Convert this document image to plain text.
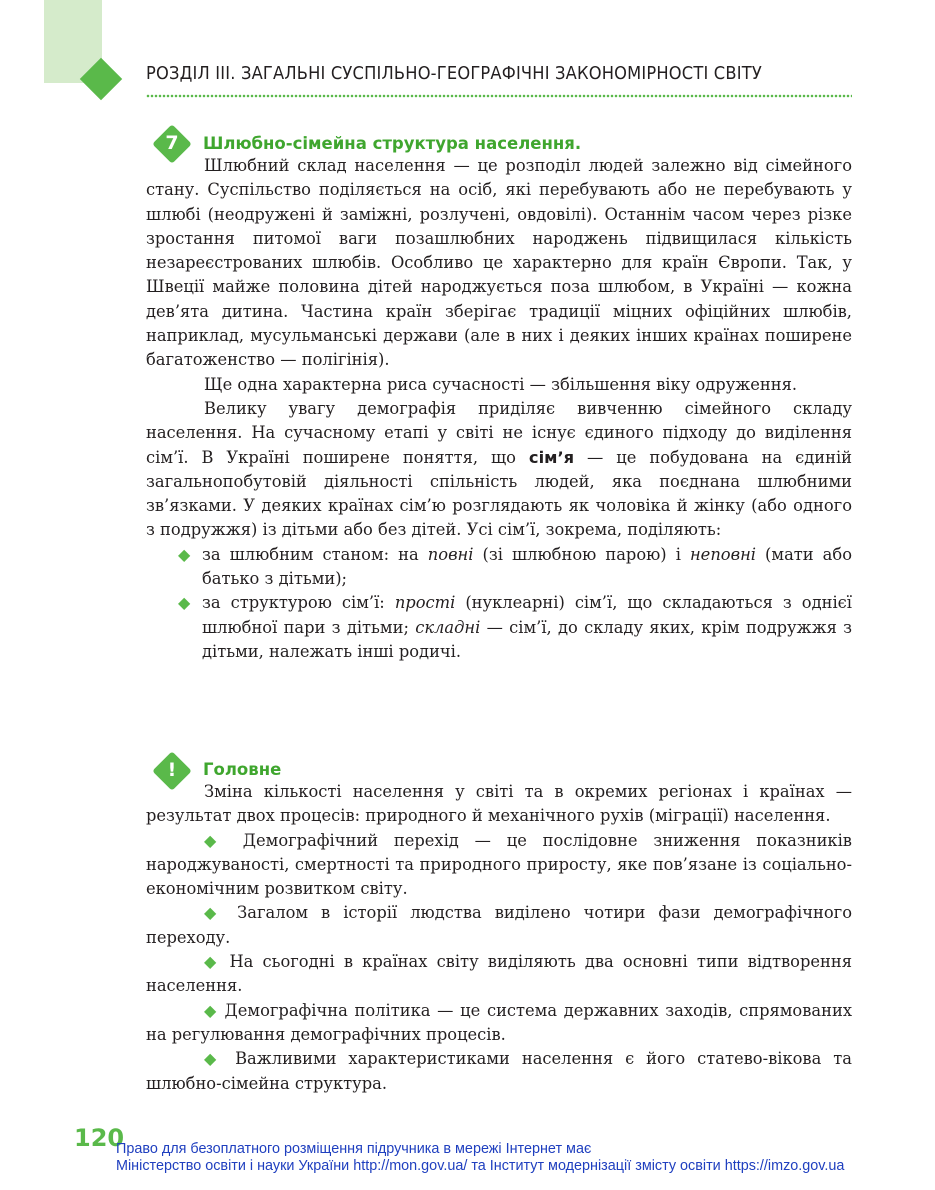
РОЗДІЛ ІІІ. ЗАГАЛЬНІ СУСПІЛЬНО-ГЕОГРАФІЧНІ ЗАКОНОМІРНОСТІ СВІТУ
7	Шлюбно-сімейна структура населення.

Шлюбний склад населення — це розподіл людей залежно від сімейного стану. Суспільство поділяється на осіб, які перебувають або не перебувають у шлюбі (неодружені й заміжні, розлучені, овдовілі). Останнім часом через різке зростання питомої ваги позашлюбних народжень підвищилася кількість незареєстрованих шлюбів. Особливо це характерно для країн Європи. Так, у Швеції майже половина дітей народжується поза шлюбом, в Україні — кожна дев’ята дитина. Частина країн зберігає традиції міцних офіційних шлюбів, наприклад, мусульманські держави (але в них і деяких інших країнах поширене багатоженство — полігінія).

Ще одна характерна риса сучасності — збільшення віку одруження.

Велику увагу демографія приділяє вивченню сімейного складу населення. На сучасному етапі у світі не існує єдиного підходу до виділення сім’ї. В Україні поширене поняття, що сім’я — це побудована на єдиній загальнопобутовій діяльності спільність людей, яка поєднана шлюбними зв’язками. У деяких країнах сім’ю розглядають як чоловіка й жінку (або одного з подружжя) із дітьми або без дітей. Усі сім’ї, зокрема, поділяють:

◆ за шлюбним станом: на повні (зі шлюбною парою) і неповні (мати або батько з дітьми);
◆ за структурою сім’ї: прості (нуклеарні) сім’ї, що складаються з однієї шлюбної пари з дітьми; складні — сім’ї, до складу яких, крім подружжя з дітьми, належать інші родичі.
!	Головне

Зміна кількості населення у світі та в окремих регіонах і країнах — результат двох процесів: природного й механічного рухів (міграції) населення.

◆ Демографічний перехід — це послідовне зниження показників народжуваності, смертності та природного приросту, яке пов’язане із соціально-економічним розвитком світу.

◆ Загалом в історії людства виділено чотири фази демографічного переходу.

◆ На сьогодні в країнах світу виділяють два основні типи відтворення населення.

◆ Демографічна політика — це система державних заходів, спрямованих на регулювання демографічних процесів.

◆ Важливими характеристиками населення є його статево-вікова та шлюбно-сімейна структура.

120
Право для безоплатного розміщення підручника в мережі Інтернет має
Міністерство освіти і науки України http://mon.gov.ua/ та Інститут модернізації змісту освіти https://imzo.gov.ua
